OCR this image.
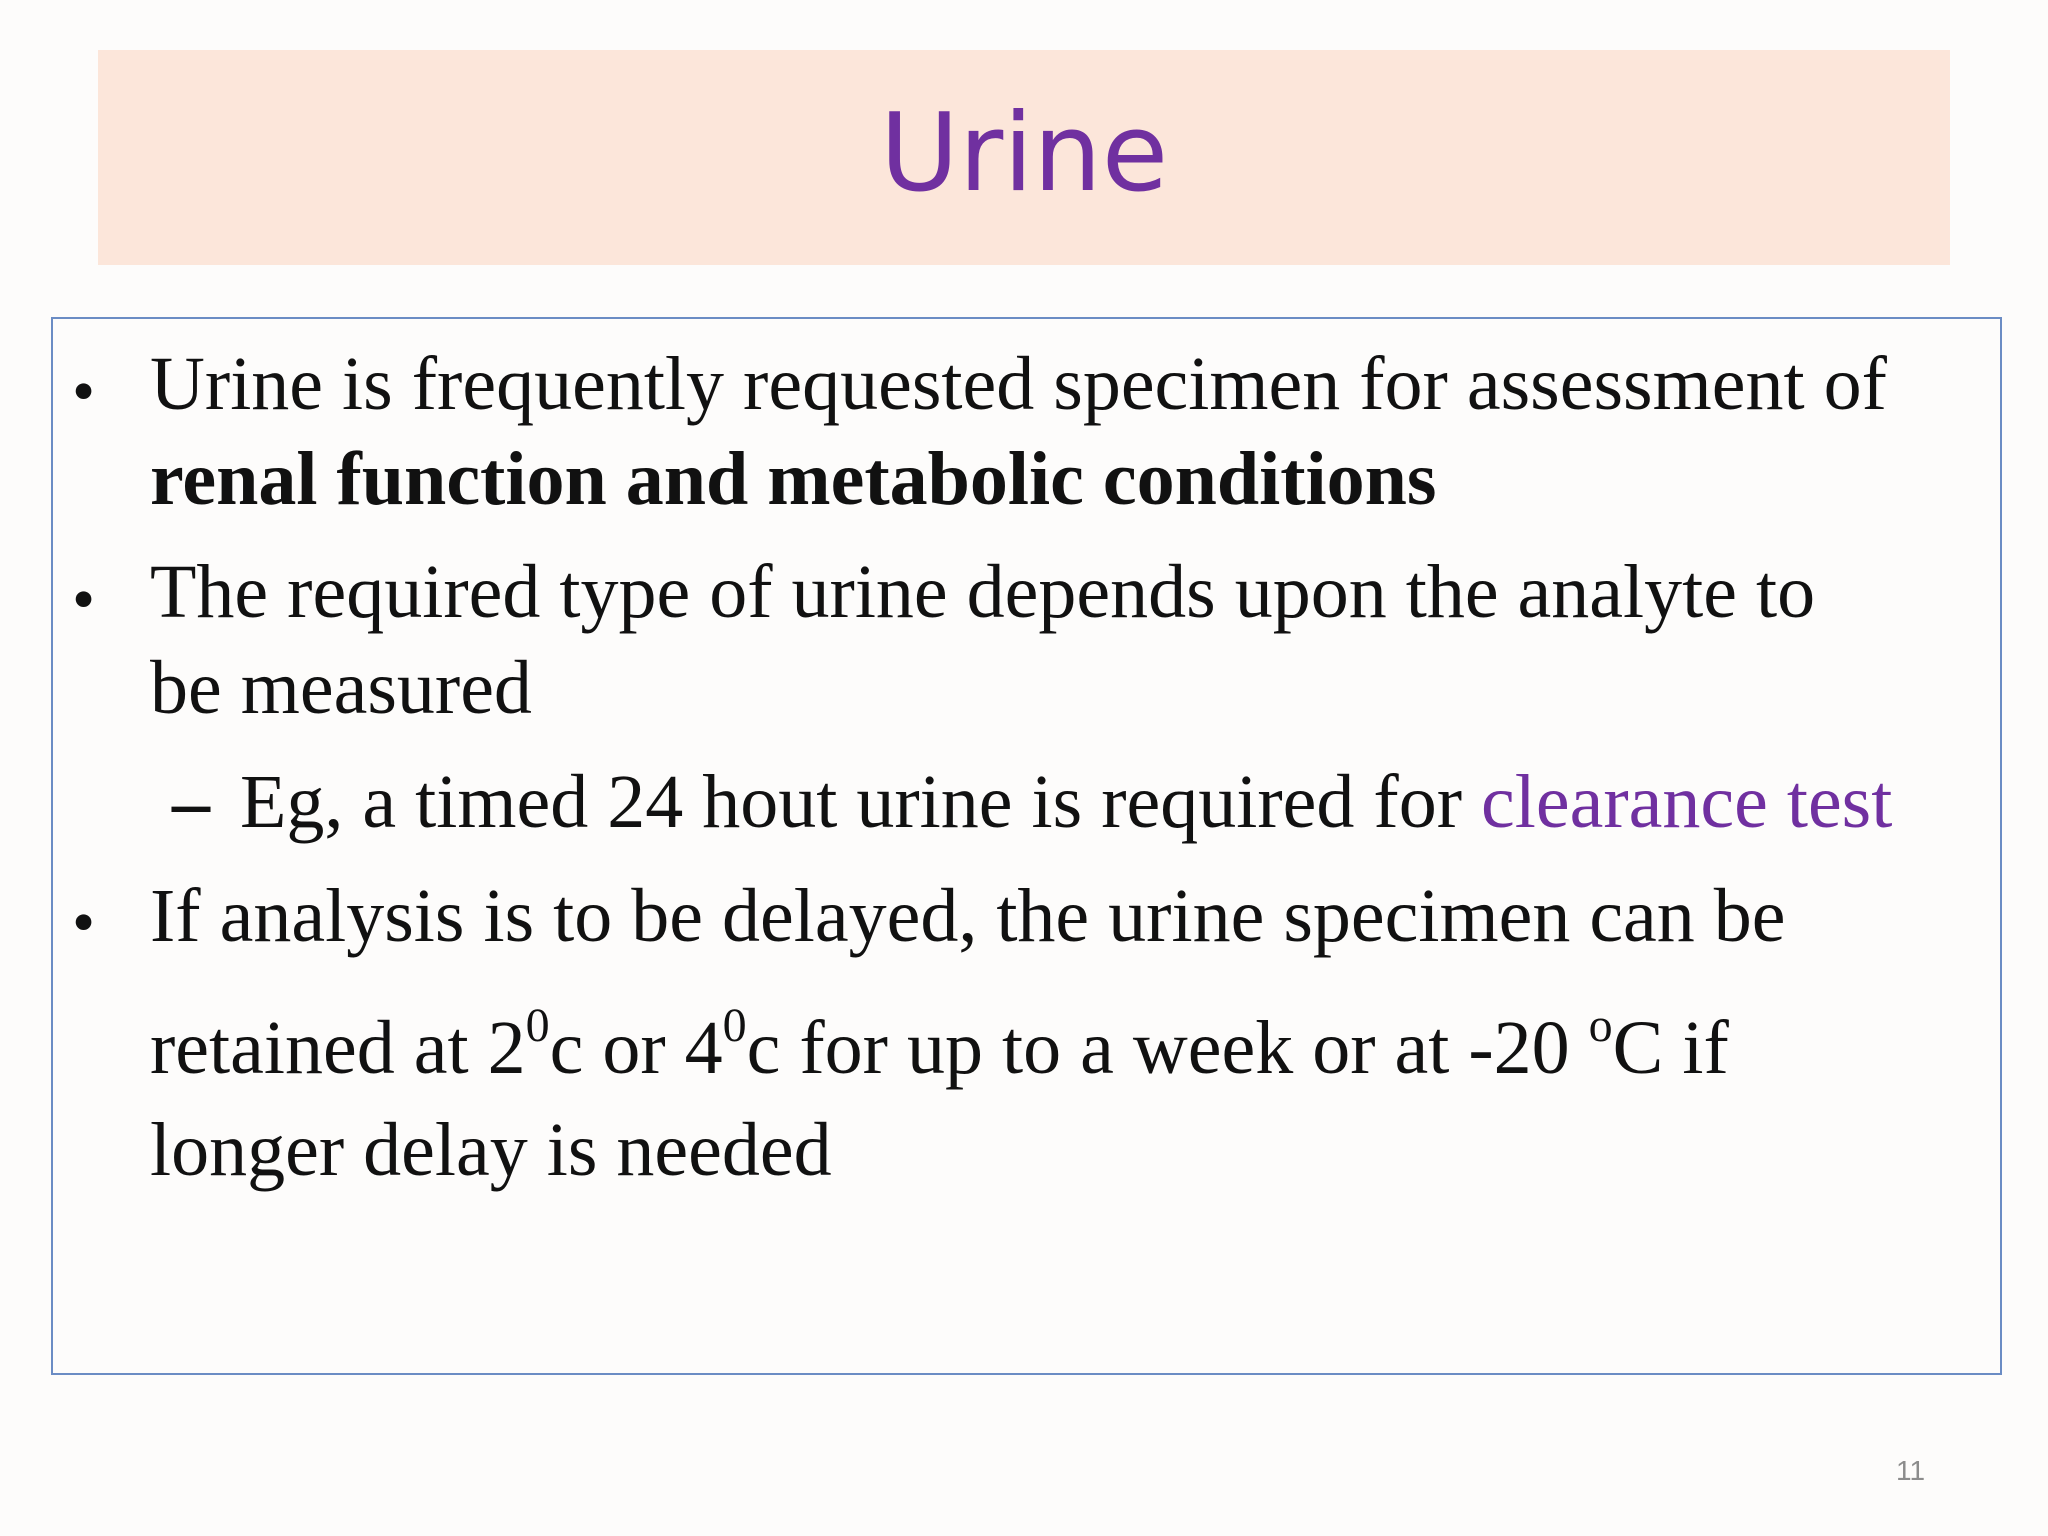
Urine
• Urine is frequently requested specimen for assessment of
renal function and metabolic conditions
• The required type of urine depends upon the analyte to
be measured
– Eg, a timed 24 hout urine is required for clearance test
• If analysis is to be delayed, the urine specimen can be
retained at $2^0c$ or $4^0c$ for up to a week or at -20 $^o$C if
longer delay is needed
11
